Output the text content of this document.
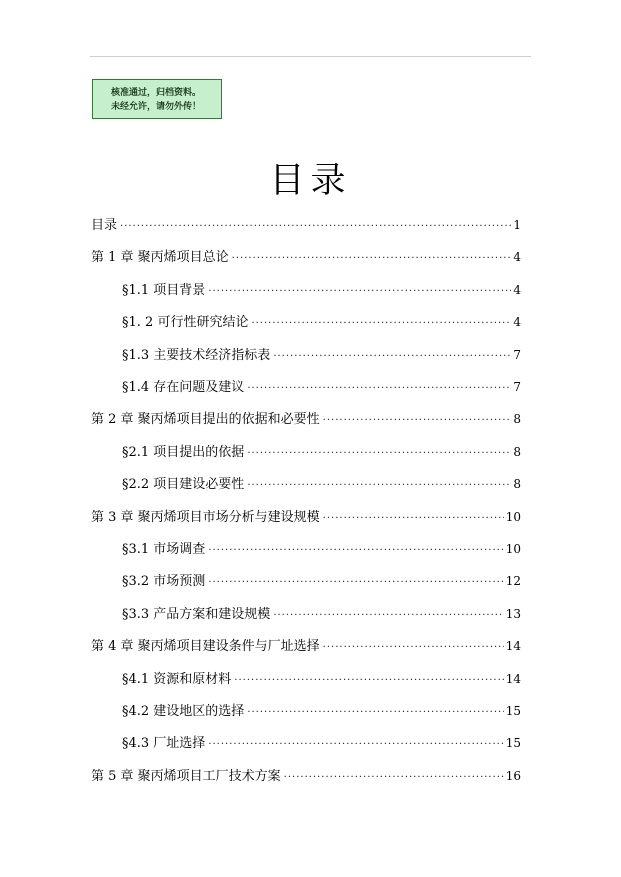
核准通过，归档资料。
未经允许，请勿外传！
目录
目录 ·····	1
第 1 章 聚丙烯项目总论 ·····	4
§1.1 项目背景 ·····	4
§1. 2 可行性研究结论 ·····	4
§1.3 主要技术经济指标表 ·····	7
§1.4 存在问题及建议 ·····	7
第 2 章 聚丙烯项目提出的依据和必要性 ·····	8
§2.1 项目提出的依据 ·····	8
§2.2 项目建设必要性 ·····	8
第 3 章 聚丙烯项目市场分析与建设规模 ·····	10
§3.1 市场调查 ·····	10
§3.2 市场预测 ·····	12
§3.3 产品方案和建设规模 ·····	13
第 4 章 聚丙烯项目建设条件与厂址选择 ·····	14
§4.1 资源和原材料 ·····	14
§4.2 建设地区的选择 ·····	15
§4.3 厂址选择 ·····	15
第 5 章 聚丙烯项目工厂技术方案 ·····	16
